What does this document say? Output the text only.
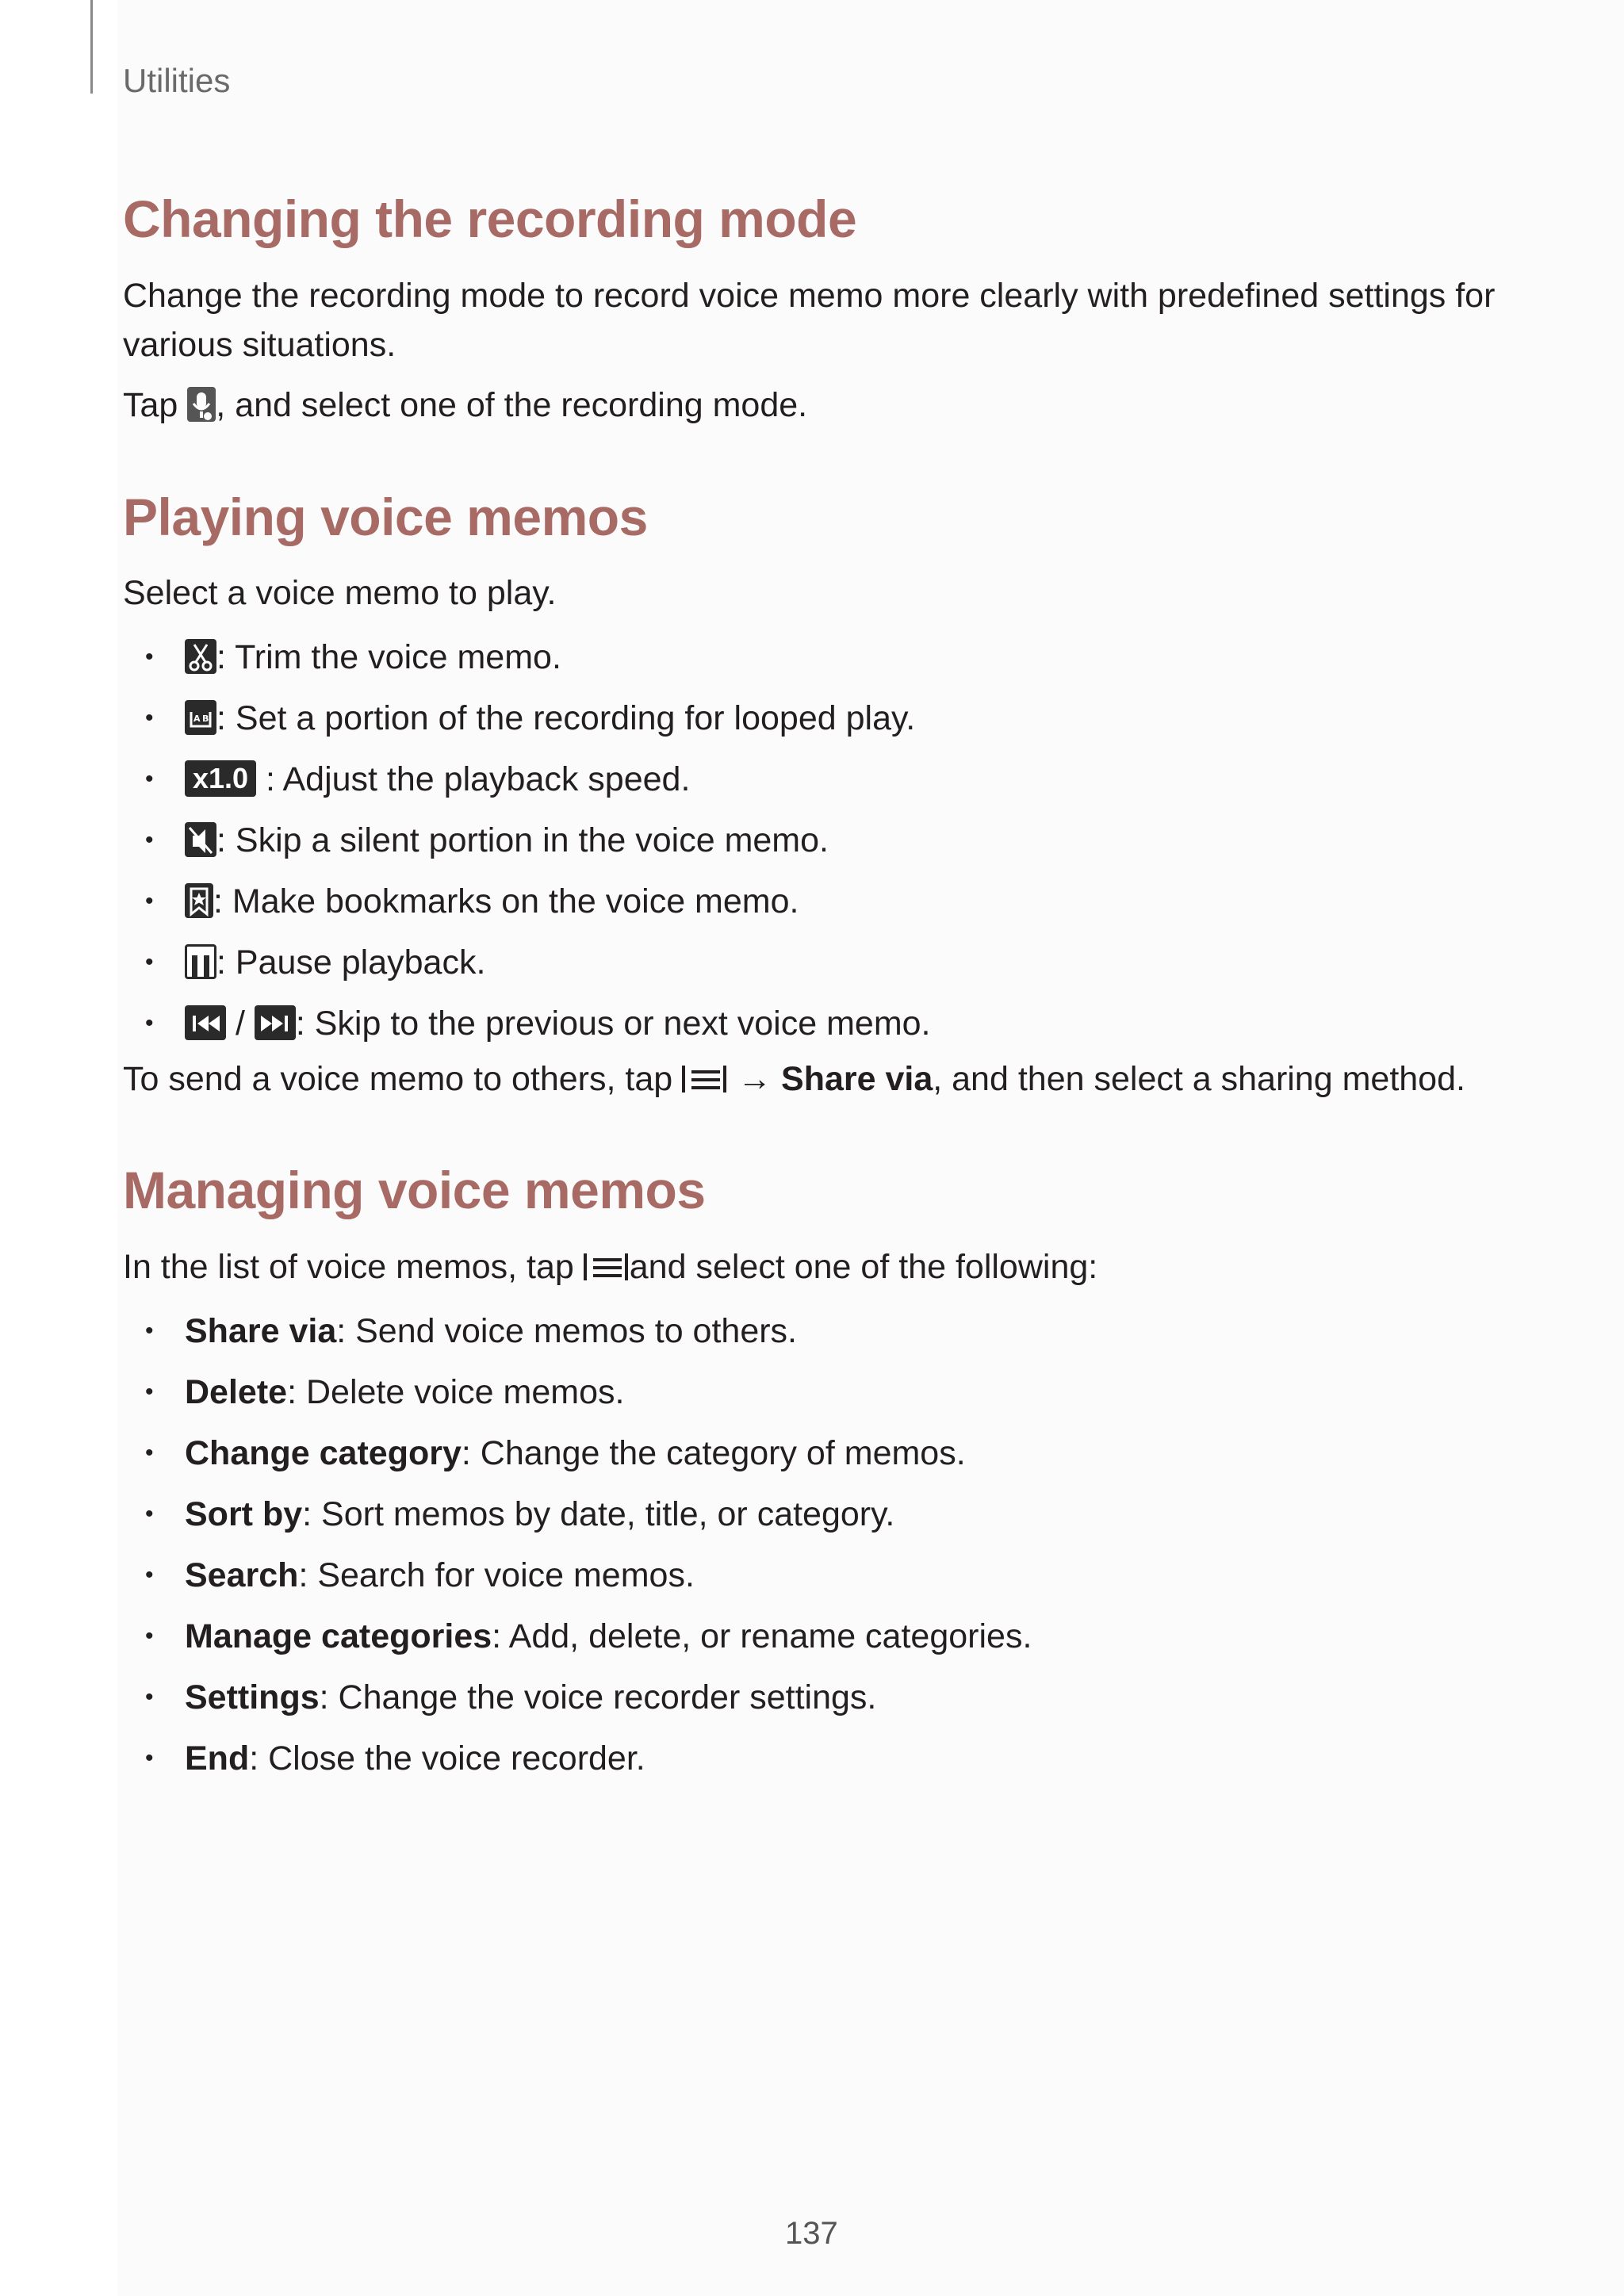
Utilities
Changing the recording mode

Change the recording mode to record voice memo more clearly with predefined settings for

various situations.

Tap , and select one of the recording mode.

Playing voice memos

Select a voice memo to play.

•	: Trim the voice memo.
•	A B : Set a portion of the recording for looped play.
• x1.0 : Adjust the playback speed.
•	: Skip a silent portion in the voice memo.
•	: Make bookmarks on the voice memo.
•	: Pause playback.
•	/ : Skip to the previous or next voice memo.

To send a voice memo to others, tap → Share via, and then select a sharing method.

Managing voice memos

In the list of voice memos, tap and select one of the following:

• Share via: Send voice memos to others.
• Delete: Delete voice memos.
• Change category: Change the category of memos.
• Sort by: Sort memos by date, title, or category.
• Search: Search for voice memos.
• Manage categories: Add, delete, or rename categories.
• Settings: Change the voice recorder settings.
• End: Close the voice recorder.
137
